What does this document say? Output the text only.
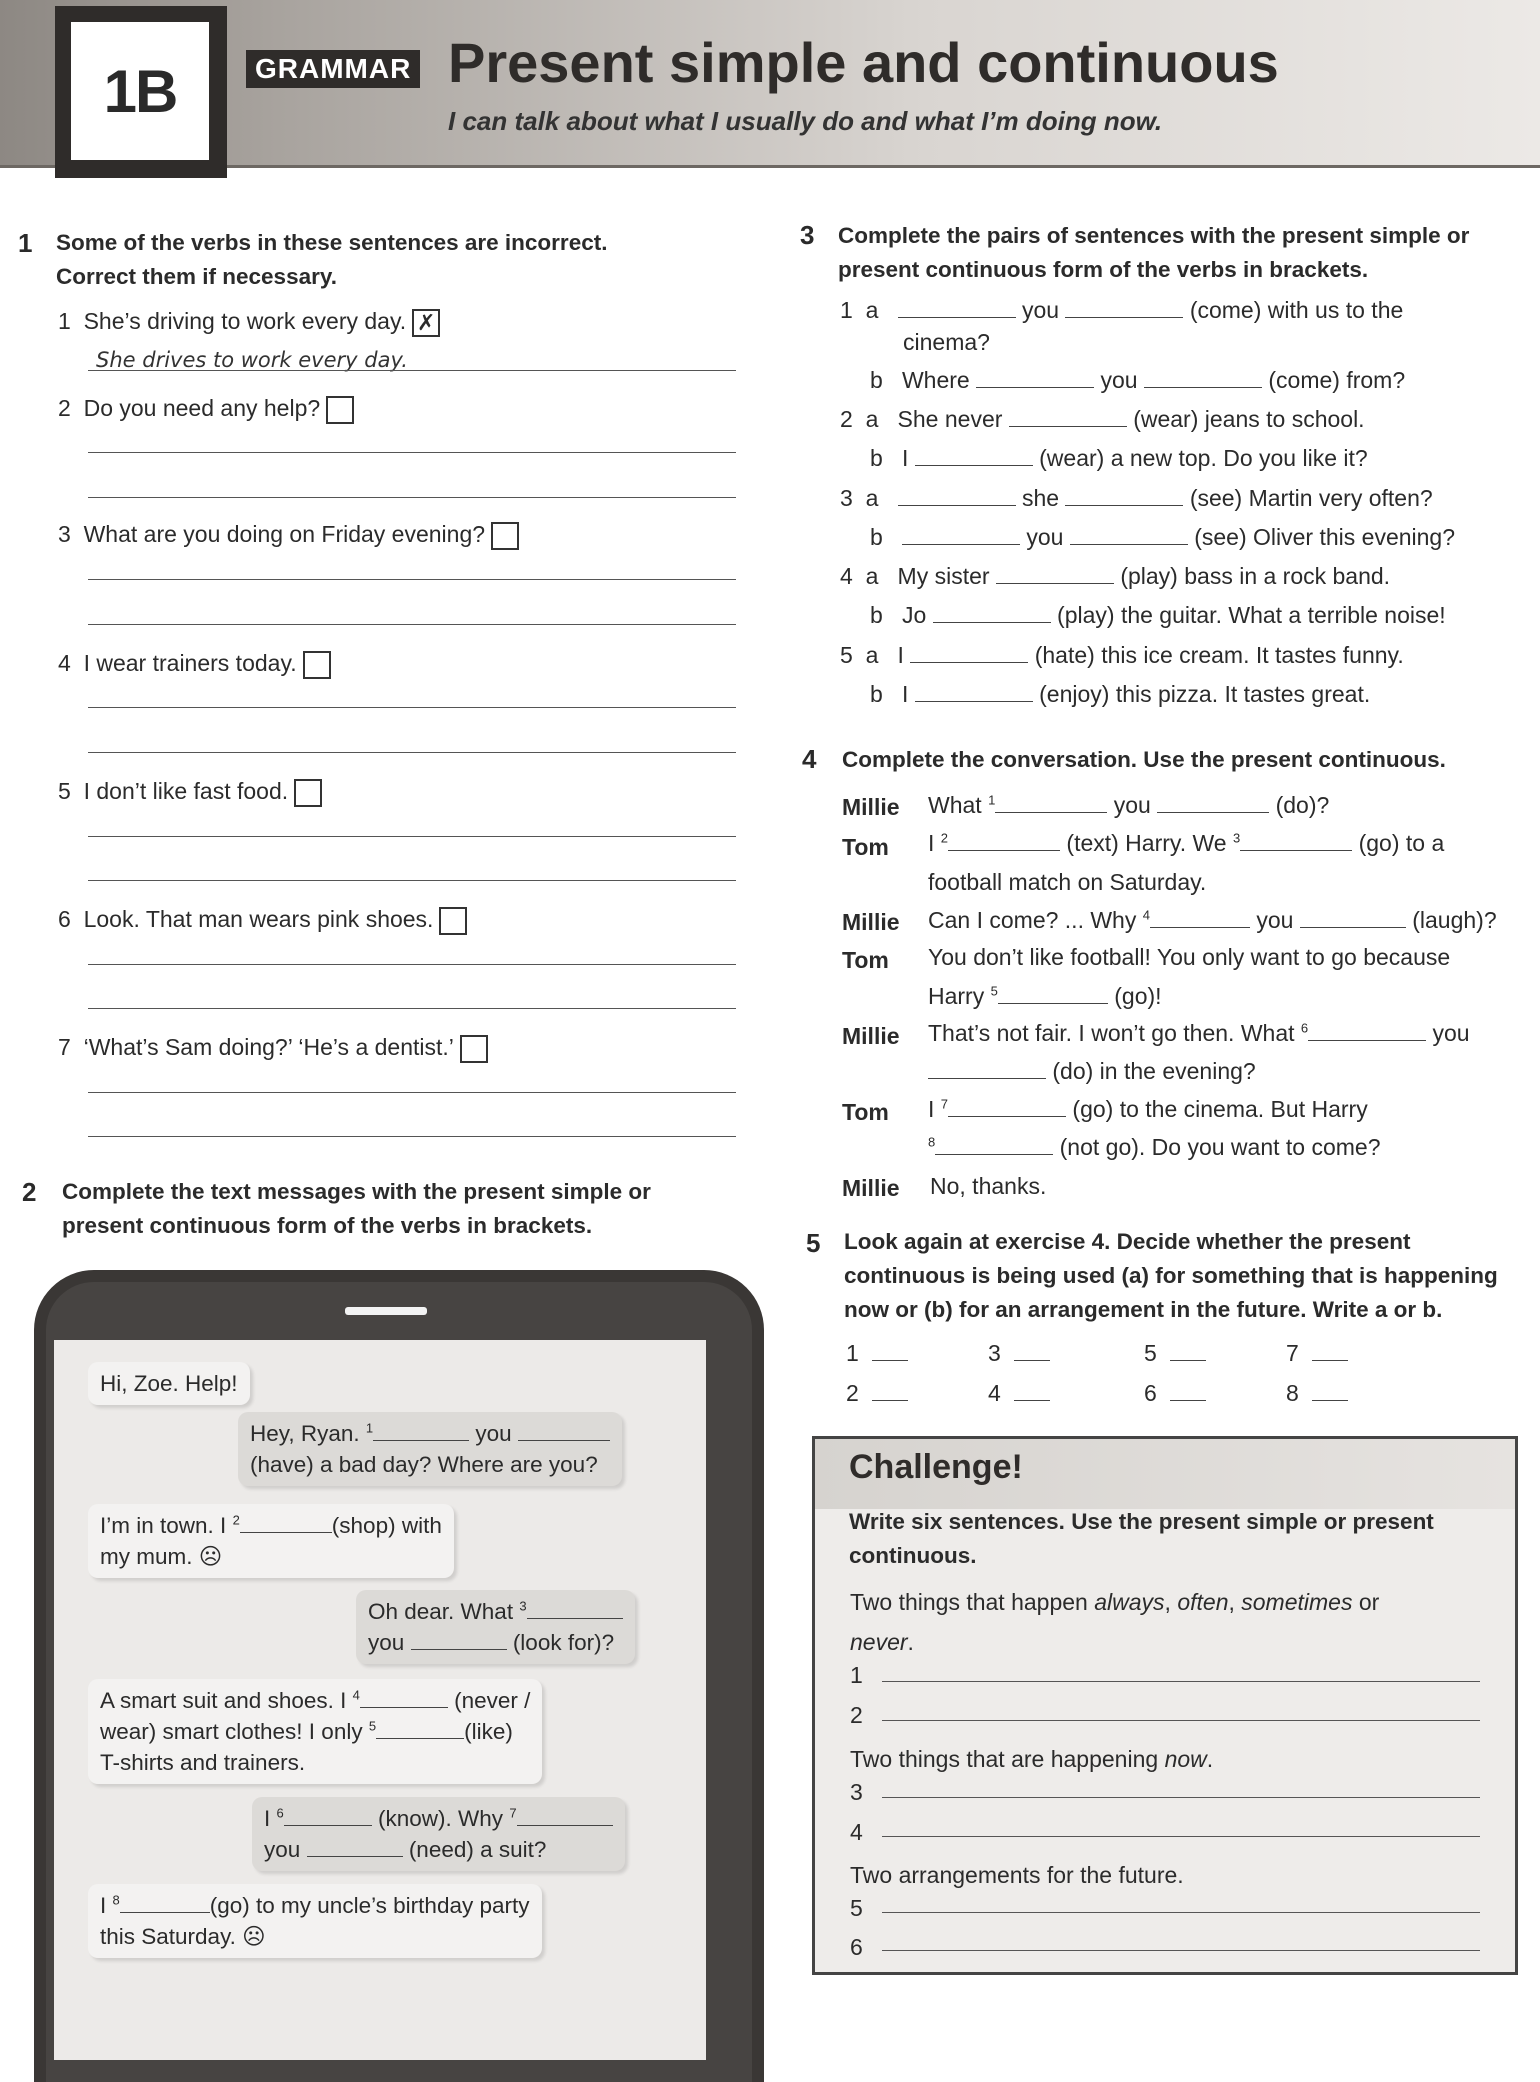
1B	GRAMMAR Present simple and continuous
I can talk about what I usually do and what I’m doing now.
1 Some of the verbs in these sentences are incorrect.
Correct them if necessary.
1 She’s driving to work every day. ✗
She drives to work every day.
2 Do you need any help?
3 What are you doing on Friday evening?
4 I wear trainers today.
5 I don’t like fast food.
6 Look. That man wears pink shoes.
7 ‘What’s Sam doing?’ ‘He’s a dentist.’
2 Complete the text messages with the present simple or
present continuous form of the verbs in brackets.
Hi, Zoe. Help!
Hey, Ryan. $^1$	you
(have) a bad day? Where are you?
I’m in town. I $^2$	(shop) with
my mum. ☹
Oh dear. What $^3$
you	(look for)?
A smart suit and shoes. I $^4$	(never /
wear) smart clothes! I only $^5$	(like)
T-shirts and trainers.
I $^6$	(know). Why $^7$
you	(need) a suit?
I $^8$	(go) to my uncle’s birthday party
this Saturday. ☹
3 Complete the pairs of sentences with the present simple or
present continuous form of the verbs in brackets.
1 a	you	(come) with us to the
cinema?
b Where	you	(come) from?
2 a She never	(wear) jeans to school.
b I	(wear) a new top. Do you like it?
3 a	she	(see) Martin very often?
b	you	(see) Oliver this evening?
4 a My sister	(play) bass in a rock band.
b Jo	(play) the guitar. What a terrible noise!
5 a I	(hate) this ice cream. It tastes funny.
b I	(enjoy) this pizza. It tastes great.
4 Complete the conversation. Use the present continuous.
Millie What $^1$	you	(do)?
Tom I $^2$	(text) Harry. We $^3$	(go) to a
football match on Saturday.
Millie Can I come? ... Why $^4$	you	(laugh)?
Tom You don’t like football! You only want to go because
Harry $^5$	(go)!
Millie That’s not fair. I won’t go then. What $^6$	you
(do) in the evening?
Tom I $^7$	(go) to the cinema. But Harry
$^8$	(not go). Do you want to come?
Millie No, thanks.
5 Look again at exercise 4. Decide whether the present
continuous is being used (a) for something that is happening
now or (b) for an arrangement in the future. Write a or b.
1	3	5	7
2	4	6	8
Challenge!
Write six sentences. Use the present simple or present
continuous.
Two things that happen always, often, sometimes or
never.
1
2
Two things that are happening now.
3
4
Two arrangements for the future.
5
6
